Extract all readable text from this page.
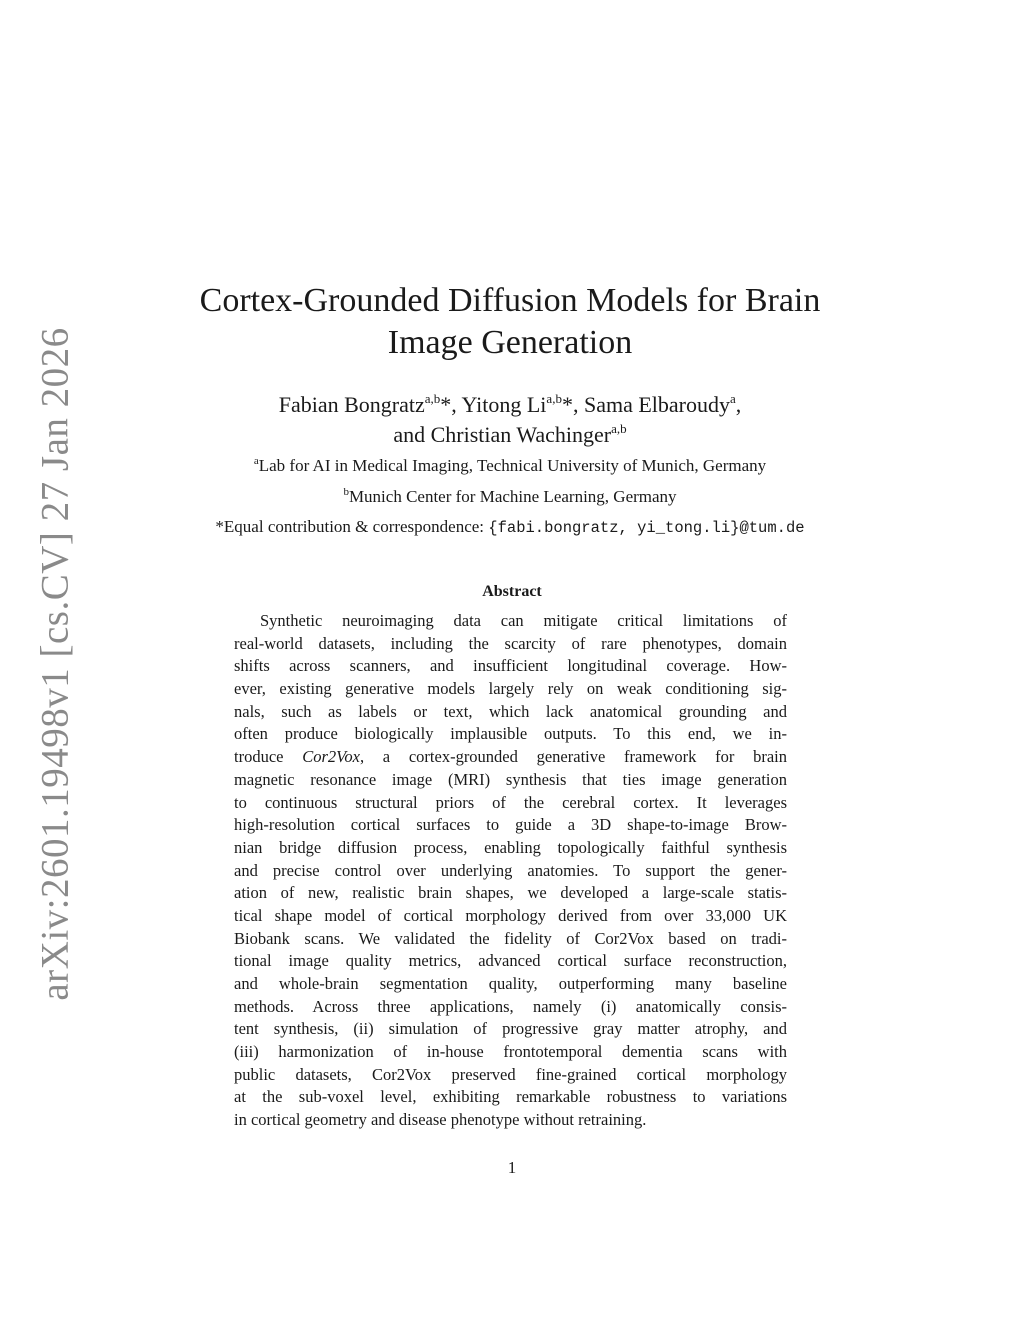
arXiv:2601.19498v1 [cs.CV] 27 Jan 2026
Cortex-Grounded Diffusion Models for Brain
Image Generation
Fabian Bongratz$^{a,b}$*, Yitong Li$^{a,b}$*, Sama Elbaroudy$^a$,
and Christian Wachinger$^{a,b}$
$^a$Lab for AI in Medical Imaging, Technical University of Munich, Germany
$^b$Munich Center for Machine Learning, Germany
*Equal contribution & correspondence: {fabi.bongratz, yi_tong.li}@tum.de
Abstract
Synthetic neuroimaging data can mitigate critical limitations of
real-world datasets, including the scarcity of rare phenotypes, domain
shifts across scanners, and insufficient longitudinal coverage. How-
ever, existing generative models largely rely on weak conditioning sig-
nals, such as labels or text, which lack anatomical grounding and
often produce biologically implausible outputs. To this end, we in-
troduce Cor2Vox, a cortex-grounded generative framework for brain
magnetic resonance image (MRI) synthesis that ties image generation
to continuous structural priors of the cerebral cortex. It leverages
high-resolution cortical surfaces to guide a 3D shape-to-image Brow-
nian bridge diffusion process, enabling topologically faithful synthesis
and precise control over underlying anatomies. To support the gener-
ation of new, realistic brain shapes, we developed a large-scale statis-
tical shape model of cortical morphology derived from over 33,000 UK
Biobank scans. We validated the fidelity of Cor2Vox based on tradi-
tional image quality metrics, advanced cortical surface reconstruction,
and whole-brain segmentation quality, outperforming many baseline
methods. Across three applications, namely (i) anatomically consis-
tent synthesis, (ii) simulation of progressive gray matter atrophy, and
(iii) harmonization of in-house frontotemporal dementia scans with
public datasets, Cor2Vox preserved fine-grained cortical morphology
at the sub-voxel level, exhibiting remarkable robustness to variations
in cortical geometry and disease phenotype without retraining.
1
